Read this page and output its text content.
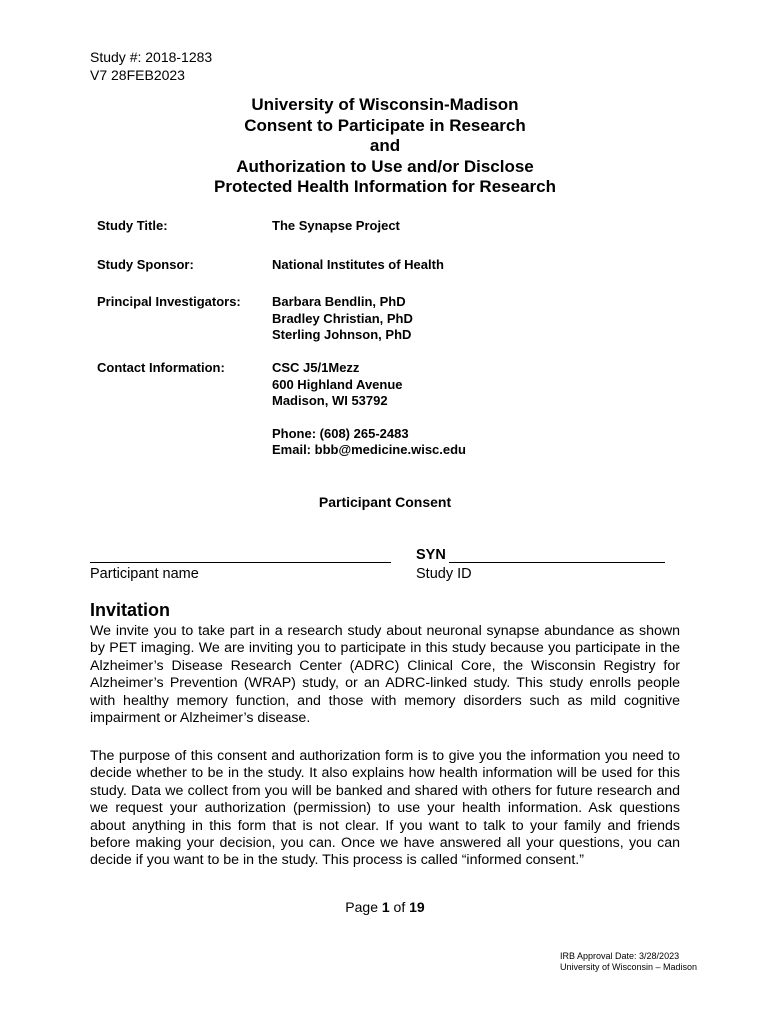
Study #: 2018-1283
V7 28FEB2023
University of Wisconsin-Madison
Consent to Participate in Research
and
Authorization to Use and/or Disclose
Protected Health Information for Research
Study Title:	The Synapse Project
Study Sponsor:	National Institutes of Health
Principal Investigators: Barbara Bendlin, PhD
Bradley Christian, PhD
Sterling Johnson, PhD
Contact Information:	CSC J5/1Mezz
600 Highland Avenue
Madison, WI 53792
Phone: (608) 265-2483
Email: bbb@medicine.wisc.edu
Participant Consent
Participant name
SYN
Study ID
Invitation
We invite you to take part in a research study about neuronal synapse abundance as shown by PET imaging. We are inviting you to participate in this study because you participate in the Alzheimer’s Disease Research Center (ADRC) Clinical Core, the Wisconsin Registry for Alzheimer’s Prevention (WRAP) study, or an ADRC-linked study. This study enrolls people with healthy memory function, and those with memory disorders such as mild cognitive impairment or Alzheimer’s disease.
The purpose of this consent and authorization form is to give you the information you need to decide whether to be in the study. It also explains how health information will be used for this study. Data we collect from you will be banked and shared with others for future research and we request your authorization (permission) to use your health information. Ask questions about anything in this form that is not clear. If you want to talk to your family and friends before making your decision, you can. Once we have answered all your questions, you can decide if you want to be in the study. This process is called “informed consent.”
Page 1 of 19
IRB Approval Date: 3/28/2023
University of Wisconsin – Madison
